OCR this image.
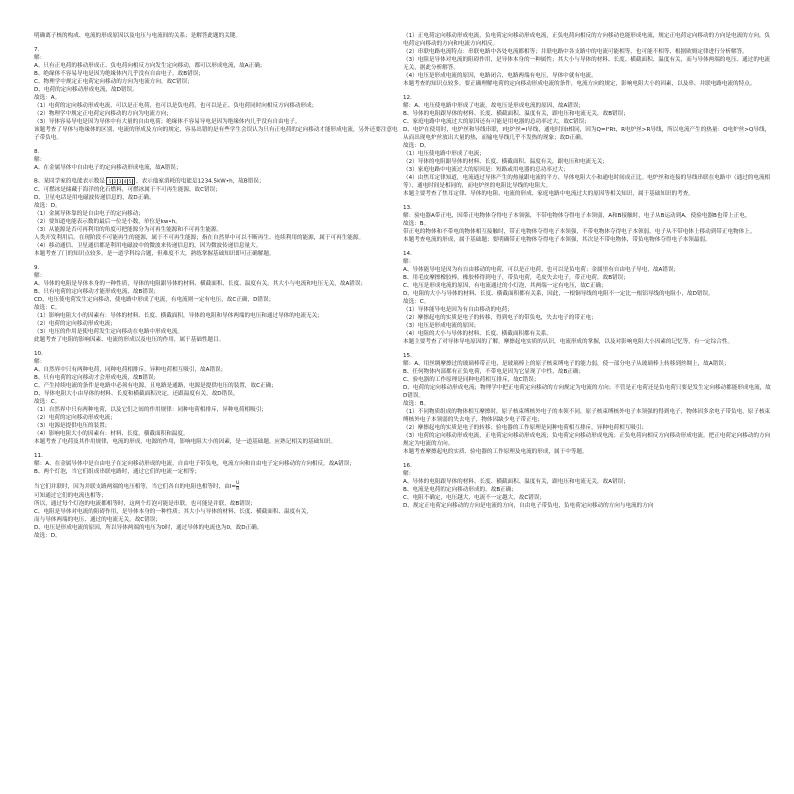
明确离子核的构成、电流的形成原因以及电压与电流间的关系；是解答此题的关键。

7.

解：

A、只有正电荷的移动形成正、负电荷向相反方向发生定向移动，都可以形成电流，故A正确；

B、绝缘体不容易导电是因为绝缘体内几乎没有自由电子，故B错误；

C、物理学中规定正电荷定向移动的方向为电流方向，故C错误；

D、电荷的定向移动形成电流，故D错误。

故选：A。

（1）电荷的定向移动形成电流，可以是正电荷，也可以是负电荷，也可以是正、负电荷同时向相反方向移动形成；

（2）物理学中规定正电荷定向移动的方向为电流方向；

（3）导体容易导电是因为导体中有大量的自由电荷；绝缘体不容易导电是因为绝缘体内几乎没有自由电子。

该题考查了导体与绝缘体的区别、电流的形成及方向的规定，容易出错的是有些学生会误认为只有正电荷的定向移动才能形成电流，另外还要注意电子带负电。

8.

解：

A、在金属导体中自由电子的定向移动形成电流，故A错误；

B、某同学家的电能表示数是 1 2 3 4 5 ，表示他家消耗的电能是1234.5kW•h，故B错误；

C、可燃冰是储藏于海洋的化石燃料，可燃冰属于不可再生能源，故C错误；

D、卫星电话是用电磁波传递信息的，故D正确。

故选：D。

（1）金属导体靠的是自由电子的定向移动；

（2）要知道电能表示数的最后一位是小数，单位是kw•h。

（3）从能源是否可再利用的角度可把能源分为可再生能源和不可再生能源。

人类开发利用后，在现阶段不可能再生的能源，属于不可再生能源；指在自然界中可以不断再生、连续利用的能源，属于可再生能源。

（4）移动通信、卫星通信都是利用电磁波中的微波来传递信息的，因为微波传递信息量大。

本题考查了门的知识点较多，是一道学科综合题，但难度不大，熟练掌握基础知识即可正确解题。

9.

解：

A、导体的电阻是导体本身的一种性质，导体的电阻跟导体的材料、横截面积、长度、温度有关，其大小与电流和电压无关，故A错误；

B、只有电荷的定向移动才能形成电流，故B错误；

CD、电压使电荷发生定向移动，使电路中形成了电流，有电流则一定有电压，故C正确，D错误；

故选：C。

（1）影响电阻大小的因素有：导体的材料、长度、横截面积，导体的电阻和导体两端的电压和通过导体的电流无关；

（2）电荷的定向移动形成电流；

（3）电压的作用是使电荷发生定向移动在电路中形成电流。

此题考查了电阻的影响因素、电流的形成以及电压的作用，属于基础性题目。

10.

解：

A、自然界中只有两种电荷，同种电荷相排斥，异种电荷相互吸引，故A错误；

B、只有电荷的定向移动才会形成电流，故B错误；

C、产生持续电流的条件是电路中必须有电源，且电路是通路，电源是提供电压的装置，故C正确；

D、导体电阻大小由导体的材料、长度和横截面积决定，还跟温度有关，故D错误。

故选：C。

（1）自然界中只有两种电荷，以及它们之间的作用规律：同种电荷相排斥，异种电荷相吸引；

（2）电荷的定向移动形成电流；

（3）电源是提供电压的装置；

（4）影响电阻大小的因素有：材料、长度、横截面积和温度。

本题考查了电荷及其作用规律，电流的形成，电源的作用，影响电阻大小的因素，是一道基础题，应熟记相关的基础知识。

11.

解：A、在金属导体中是自由电子在定向移动形成的电流，自由电子带负电，电流方向和自由电子定向移动的方向相反，故A错误；

B、两个灯泡，当它们组成串联电路时，通过它们的电流一定相等；

当它们并联时，因为并联支路两端的电压相等，当它们各自的电阻也相等时，由$I= \frac{U}{R}$

可知通过它们的电流也相等；

所以，通过每个灯泡的电流都相等时，这两个灯泡可能是串联，也可能是并联，故B错误；

C、电阻是导体对电流的阻碍作用，是导体本身的一种性质；其大小与导体的材料、长度、横截面积、温度有关，

而与导体两端的电压、通过的电流无关，故C错误；

D、电压是形成电流的原因，所以导体两端的电压为0时，通过导体的电流也为0，故D正确。

故选：D。

（1）正电荷定向移动形成电流，负电荷定向移动形成电流，正负电荷向相反的方向移动也能形成电流，规定正电荷定向移动的方向是电流的方向，负电荷定向移动的方向和电流方向相反。

（2）串联电路电流特点：串联电路中各处电流都相等；并联电路中各支路中的电流可能相等，也可能不相等，根据欧姆定律进行分析解答。

（3）电阻是导体对电流的阻碍作用，是导体本身的一种属性；其大小与导体的材料、长度、横截面积、温度有关，而与导体两端的电压、通过的电流无关，据此分析解答。

（4）电压是形成电流的原因，电路闭合，电路两端有电压，导体中就有电流。

本题考查的知识点较多，要正确理解电荷的定向移动形成电流的条件，电流方向的规定，影响电阻大小的因素，以及串、并联电路电流的特点。

12.

解：A、电压使电路中形成了电流，故电压是形成电流的原因，故A错误；

B、导体的电阻跟导体的材料、长度、横截面积、温度有关，跟电压和电流无关，故B错误；

C、家庭电路中电流过大的原因还有可能是用电器的总功率过大，故C错误；

D、电炉在使用时，电炉丝和导线串联，I电炉丝=I导线，通电时间t相同，因为Q=I²Rt，R电炉丝>R导线，所以电流产生的热量：Q电炉丝>Q导线，从而出现电炉丝放出大量的热，而输电导线几乎不发热的现象；故D正确。

故选：D。

（1）电压使电路中形成了电流；

（2）导体的电阻跟导体的材料、长度、横截面积、温度有关，跟电压和电流无关；

（3）家庭电路中电流过大的原因是：短路或用电器的总功率过大；

（4）由焦耳定律知道，电流通过导体产生的热量跟电流的平方、导体电阻大小和通电时间成正比。电炉丝和连接的导线串联在电路中（通过的电流相等），通电时间是相同的，而电炉丝的电阻比导线的电阻大。

本题主要考查了焦耳定律、导体的电阻、电流的形成、家庭电路中电流过大的原因等相关知识，属于基础知识的考查。

13.

解：验电器A带正电，因带正电物体夺得电子本领强，不带电物体夺得电子本领弱，A和B接触时，电子从B运动到A，使验电器B也带上正电。

故选：B。

带正电的物体和不带电的物体相互接触时，带正电物体夺得电子本领强，不带电物体夺得电子本领弱，电子从不带电体上移动到带正电物体上。

本题考查电流的形成，属于基础题；要明确带正电物体夺得电子本领强，其次是不带电物体，带负电物体夺得电子本领最弱。

14.

解：

A、导体能导电是因为有自由移动的电荷，可以是正电荷，也可以是负电荷；金属里有自由电子导电，故A错误；

B、用毛皮摩擦橡胶棒，橡胶棒得到电子，带负电荷，毛皮失去电子，带正电荷，故B错误；

C、电压是形成电流的原因，有电流通过的小灯泡，其两端一定有电压，故C正确；

D、电阻的大小与导体的材料、长度、横截面积都有关系，因此，一根铜导线的电阻不一定比一根铝导线的电阻小，故D错误。

故选：C。

（1）导体能导电是因为有自由移动的电荷；

（2）摩擦起电的实质是电子的转移，得到电子的带负电，失去电子的带正电；

（3）电压是形成电流的原因；

（4）电阻的大小与导体的材料、长度、横截面积都有关系。

本题主要考查了对导体导电原因的了解，摩擦起电实质的认识，电流形成的掌握，以及对影响电阻大小因素的记忆等，有一定综合性。

15.

解：A、用丝绸摩擦过的玻璃棒带正电，是玻璃棒上的原子核束缚电子的能力弱，使一部分电子从玻璃棒上转移到丝绸上，故A错误；

B、任何物体内部都有正负电荷，不带电是因为它显现了中性，故B正确；

C、验电器的工作原理是同种电荷相互排斥，故C错误；

D、电荷的定向移动形成电流；物理学中把正电荷定向移动的方向规定为电流的方向；不管是正电荷还是负电荷只要是发生定向移动都能形成电流，故D错误。

故选：B。

（1）不同物质组成的物体相互摩擦时，原子核束缚核外电子的本领不同，原子核束缚核外电子本领强的得到电子，物体因多余电子带负电，原子核束缚核外电子本领弱的失去电子，物体因缺少电子带正电；

（2）摩擦起电的实质是电子的转移；验电器的工作原理是同种电荷相互排斥，异种电荷相互吸引；

（3）电荷的定向移动形成电流，正电荷定向移动形成电流；负电荷定向移动形成电流；正负电荷向相反方向移动形成电流。把正电荷定向移动的方向规定为电流的方向。

本题考查摩擦起电的实质、验电器的工作原理及电流的形成，属于中等题。

16.

解：

A、导体的电阻跟导体的材料、长度、横截面积、温度有关，跟电压和电流无关，故A错误；

B、电流是电荷的定向移动形成的，故B正确；

C、电阻不确定，电压越大，电流不一定越大，故C错误；

D、规定正电荷定向移动的方向是电流的方向，自由电子带负电，负电荷定向移动的方向与电流的方向
